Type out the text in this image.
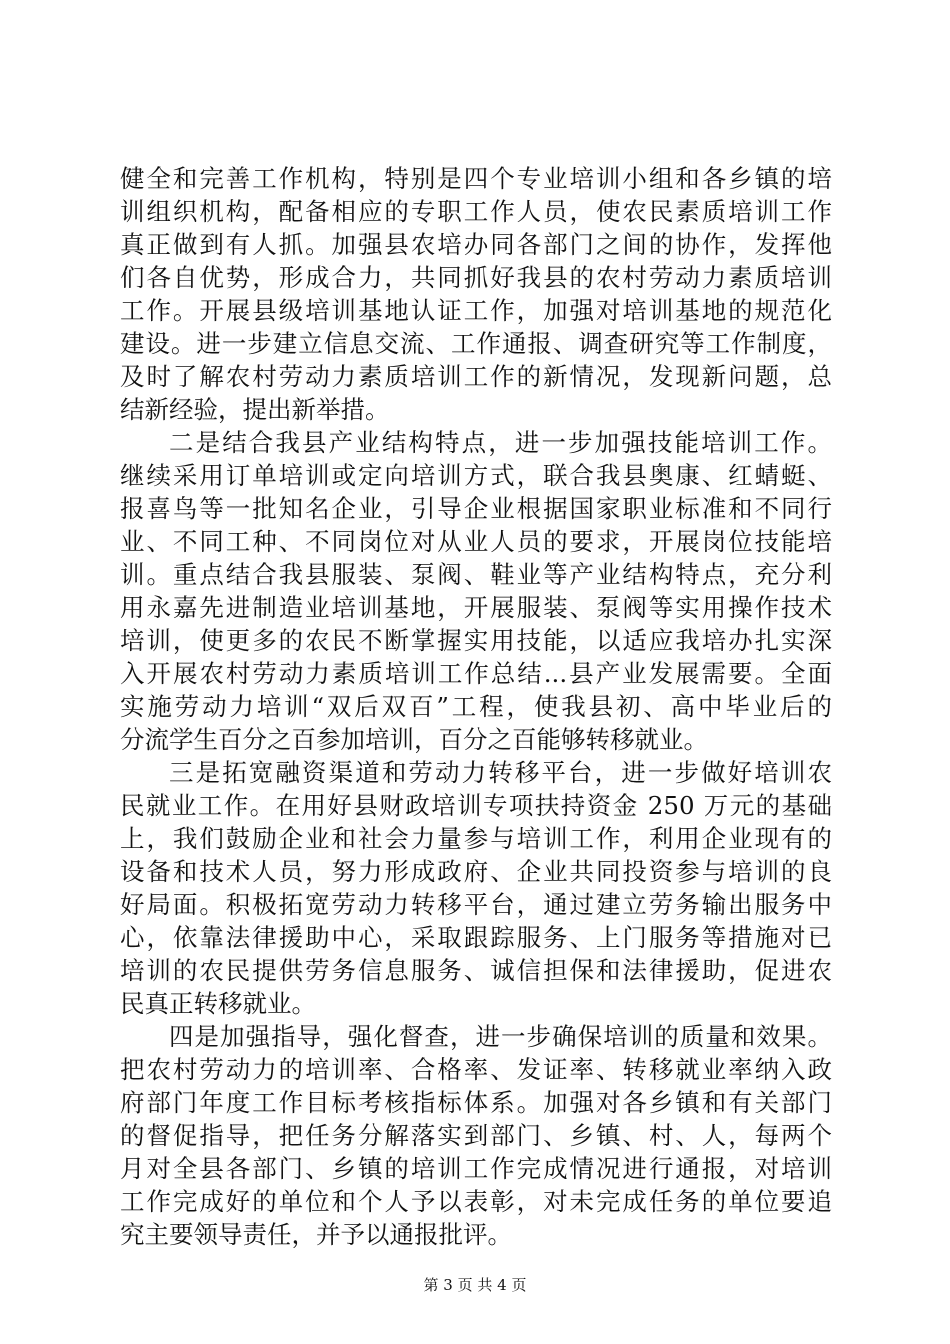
健全和完善工作机构，特别是四个专业培训小组和各乡镇的培
训组织机构，配备相应的专职工作人员，使农民素质培训工作
真正做到有人抓。加强县农培办同各部门之间的协作，发挥他
们各自优势，形成合力，共同抓好我县的农村劳动力素质培训
工作。开展县级培训基地认证工作，加强对培训基地的规范化
建设。进一步建立信息交流、工作通报、调查研究等工作制度，
及时了解农村劳动力素质培训工作的新情况，发现新问题，总
结新经验，提出新举措。
二是结合我县产业结构特点，进一步加强技能培训工作。
继续采用订单培训或定向培训方式，联合我县奥康、红蜻蜓、
报喜鸟等一批知名企业，引导企业根据国家职业标准和不同行
业、不同工种、不同岗位对从业人员的要求，开展岗位技能培
训。重点结合我县服装、泵阀、鞋业等产业结构特点，充分利
用永嘉先进制造业培训基地，开展服装、泵阀等实用操作技术
培训，使更多的农民不断掌握实用技能，以适应我培办扎实深
入开展农村劳动力素质培训工作总结...县产业发展需要。全面
实施劳动力培训“双后双百”工程，使我县初、高中毕业后的
分流学生百分之百参加培训，百分之百能够转移就业。
三是拓宽融资渠道和劳动力转移平台，进一步做好培训农
民就业工作。在用好县财政培训专项扶持资金 250 万元的基础
上，我们鼓励企业和社会力量参与培训工作，利用企业现有的
设备和技术人员，努力形成政府、企业共同投资参与培训的良
好局面。积极拓宽劳动力转移平台，通过建立劳务输出服务中
心，依靠法律援助中心，采取跟踪服务、上门服务等措施对已
培训的农民提供劳务信息服务、诚信担保和法律援助，促进农
民真正转移就业。
四是加强指导，强化督查，进一步确保培训的质量和效果。
把农村劳动力的培训率、合格率、发证率、转移就业率纳入政
府部门年度工作目标考核指标体系。加强对各乡镇和有关部门
的督促指导，把任务分解落实到部门、乡镇、村、人，每两个
月对全县各部门、乡镇的培训工作完成情况进行通报，对培训
工作完成好的单位和个人予以表彰，对未完成任务的单位要追
究主要领导责任，并予以通报批评。
第 3 页 共 4 页
